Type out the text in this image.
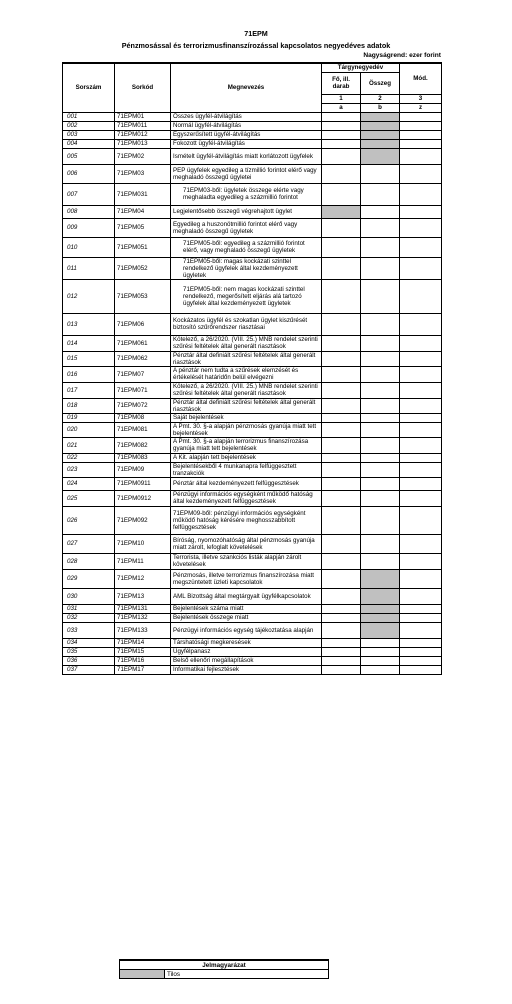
71EPM
Pénzmosással és terrorizmusfinanszírozással kapcsolatos negyedéves adatok
Nagyságrend: ezer forint
Sorszám	Sorkód	Megnevezés	Tárgynegyedév		Mód.
			Fő, ill. darab	Összeg	
			1	2	3
			a	b	z
001	71EPM01	Összes ügyfél-átvilágítás			
002	71EPM011	Normál ügyfél-átvilágítás			
003	71EPM012	Egyszerűsített ügyfél-átvilágítás			
004	71EPM013	Fokozott ügyfél-átvilágítás			
005	71EPM02	Ismételt ügyfél-átvilágítás miatt korlátozott ügyfelek			
006	71EPM03	PEP ügyfelek egyedileg a tízmillió forintot elérő vagy meghaladó összegű ügyletei			
007	71EPM031	71EPM03-ből: ügyletek összege elérte vagy meghaladta egyedileg a százmillió forintot			
008	71EPM04	Legjelentősebb összegű végrehajtott ügylet			
009	71EPM05	Egyedileg a huszonötmillió forintot elérő vagy meghaladó összegű ügyletek			
010	71EPM051	71EPM05-ből: egyedileg a százmillió forintot elérő, vagy meghaladó összegű ügyletek			
011	71EPM052	71EPM05-ből: magas kockázati szinttel rendelkező ügyfelek által kezdeményezett ügyletek			
012	71EPM053	71EPM05-ből: nem magas kockázati szinttel rendelkező, megerősített eljárás alá tartozó ügyfelek által kezdeményezett ügyletek			
013	71EPM06	Kockázatos ügyfél és szokatlan ügylet kiszűrését biztosító szűrőrendszer riasztásai			
014	71EPM061	Kötelező, a 26/2020. (VIII. 25.) MNB rendelet szerinti szűrési feltételek által generált riasztások			
015	71EPM062	Pénztár által definiált szűrési feltételek által generált riasztások			
016	71EPM07	A pénztár nem tudta a szűrések elemzését és értékelését határidőn belül elvégezni			
017	71EPM071	Kötelező, a 26/2020. (VIII. 25.) MNB rendelet szerinti szűrési feltételek által generált riasztások			
018	71EPM072	Pénztár által definiált szűrési feltételek által generált riasztások			
019	71EPM08	Saját bejelentések			
020	71EPM081	A Pmt. 30. §-a alapján pénzmosás gyanúja miatt tett bejelentések			
021	71EPM082	A Pmt. 30. §-a alapján terrorizmus finanszírozása gyanúja miatt tett bejelentések			
022	71EPM083	A Kit. alapján tett bejelentések			
023	71EPM09	Bejelentésekből 4 munkanapra felfüggesztett tranzakciók			
024	71EPM0911	Pénztár által kezdeményezett felfüggesztések			
025	71EPM0912	Pénzügyi információs egységként működő hatóság által kezdeményezett felfüggesztések			
026	71EPM092	71EPM09-ből: pénzügyi információs egységként működő hatóság kérésére meghosszabbított felfüggesztések			
027	71EPM10	Bíróság, nyomozóhatóság által pénzmosás gyanúja miatt zárolt, lefoglalt követelések			
028	71EPM11	Terrorista, illetve szankciós listák alapján zárolt követelések			
029	71EPM12	Pénzmosás, illetve terrorizmus finanszírozása miatt megszüntetett üzleti kapcsolatok			
030	71EPM13	AML Bizottság által megtárgyalt ügyfélkapcsolatok			
031	71EPM131	Bejelentések száma miatt			
032	71EPM132	Bejelentések összege miatt			
033	71EPM133	Pénzügyi információs egység tájékoztatása alapján			
034	71EPM14	Társhatósági megkeresések			
035	71EPM15	Ügyfélpanasz			
036	71EPM16	Belső ellenőri megállapítások			
037	71EPM17	Informatikai fejlesztések			
Jelmagyarázat
	Tilos
